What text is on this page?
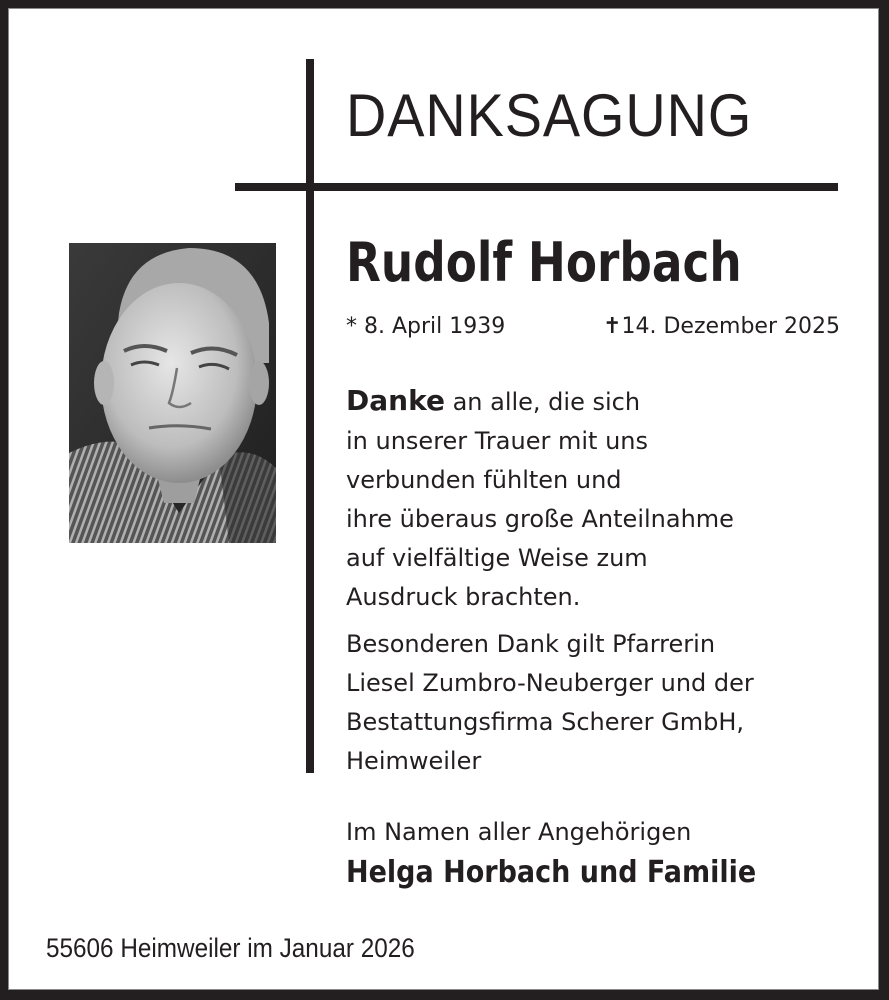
DANKSAGUNG
Rudolf Horbach
* 8. April 1939	✝14. Dezember 2025
Danke an alle, die sich
in unserer Trauer mit uns
verbunden fühlten und
ihre überaus große Anteilnahme
auf vielfältige Weise zum
Ausdruck brachten.
Besonderen Dank gilt Pfarrerin
Liesel Zumbro-Neuberger und der
Bestattungsfirma Scherer GmbH,
Heimweiler
Im Namen aller Angehörigen
Helga Horbach und Familie
55606 Heimweiler im Januar 2026
